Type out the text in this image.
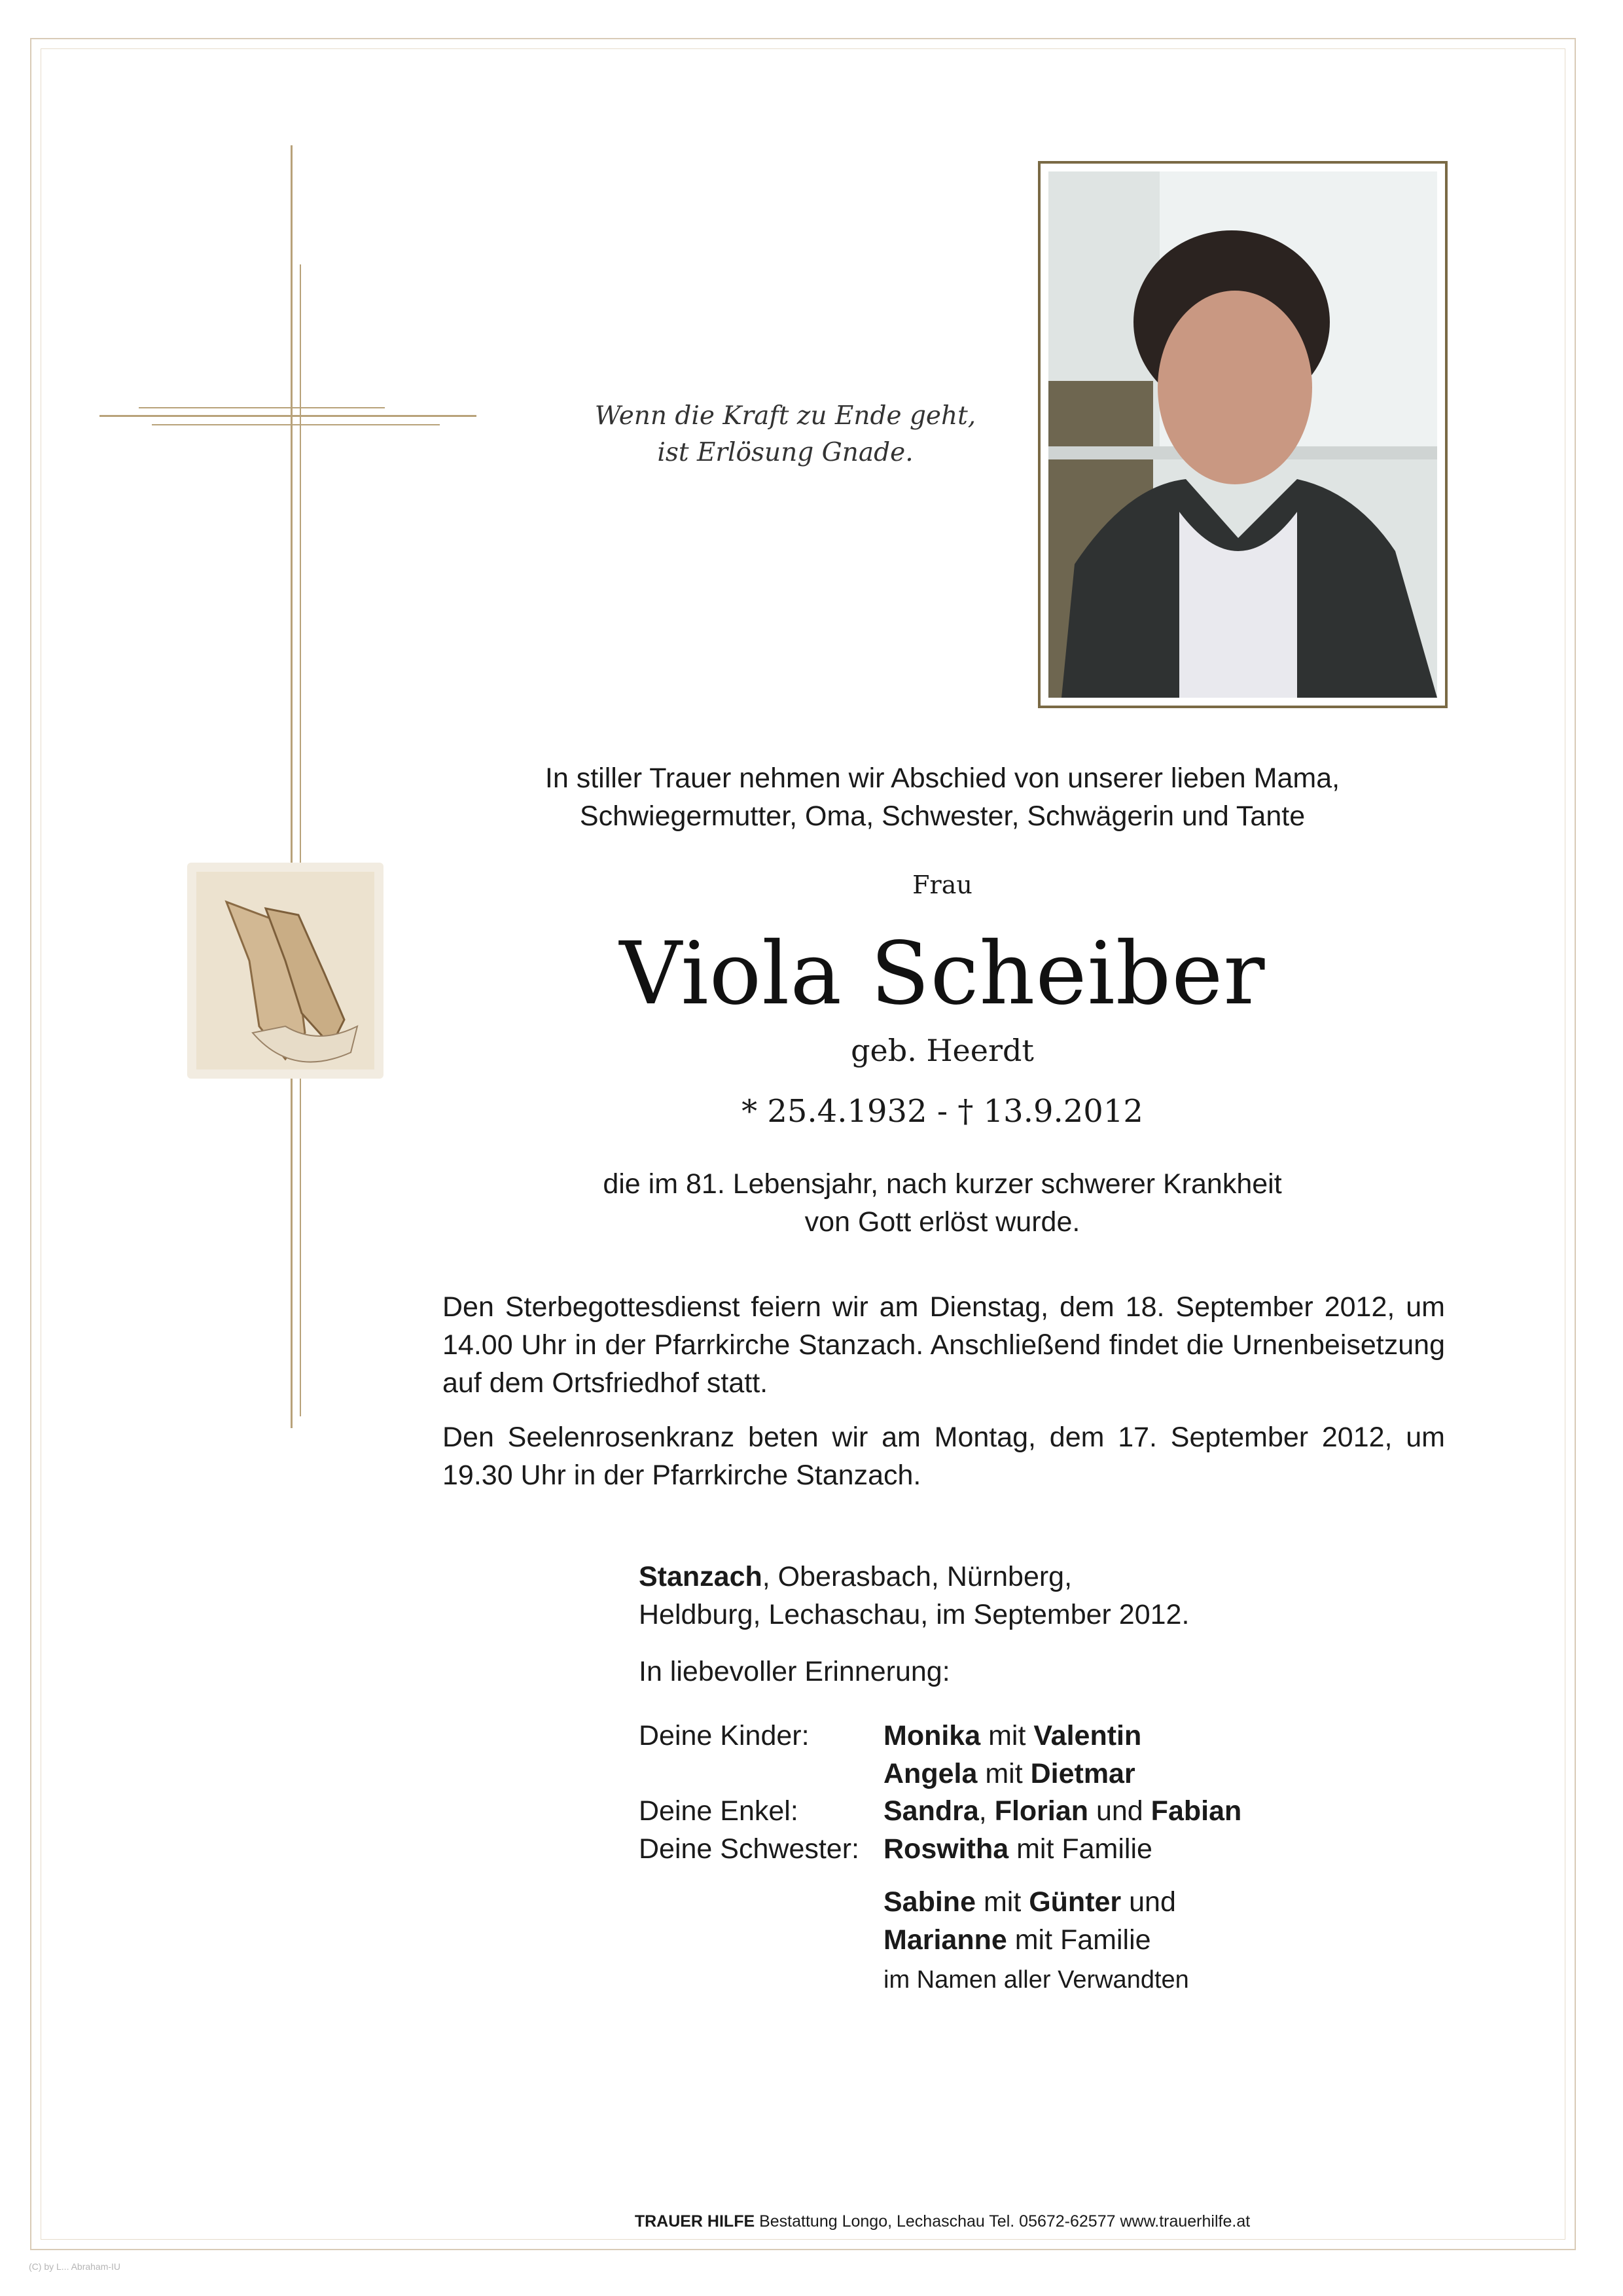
Wenn die Kraft zu Ende geht,
ist Erlösung Gnade.
In stiller Trauer nehmen wir Abschied von unserer lieben Mama,
Schwiegermutter, Oma, Schwester, Schwägerin und Tante
Frau
Viola Scheiber
geb. Heerdt
* 25.4.1932 - † 13.9.2012
die im 81. Lebensjahr, nach kurzer schwerer Krankheit
von Gott erlöst wurde.
Den Sterbegottesdienst feiern wir am Dienstag, dem 18. September 2012, um 14.00 Uhr in der Pfarrkirche Stanzach. Anschließend findet die Urnenbeisetzung auf dem Ortsfriedhof statt.
Den Seelenrosenkranz beten wir am Montag, dem 17. September 2012, um 19.30 Uhr in der Pfarrkirche Stanzach.
Stanzach, Oberasbach, Nürnberg,
Heldburg, Lechaschau, im September 2012.
In liebevoller Erinnerung:
Deine Kinder:	Monika mit Valentin
Angela mit Dietmar
Deine Enkel:	Sandra, Florian und Fabian
Deine Schwester: Roswitha mit Familie
Sabine mit Günter und
Marianne mit Familie
im Namen aller Verwandten
TRAUER HILFE Bestattung Longo, Lechaschau Tel. 05672-62577 www.trauerhilfe.at
(C) by L... Abraham-IU
